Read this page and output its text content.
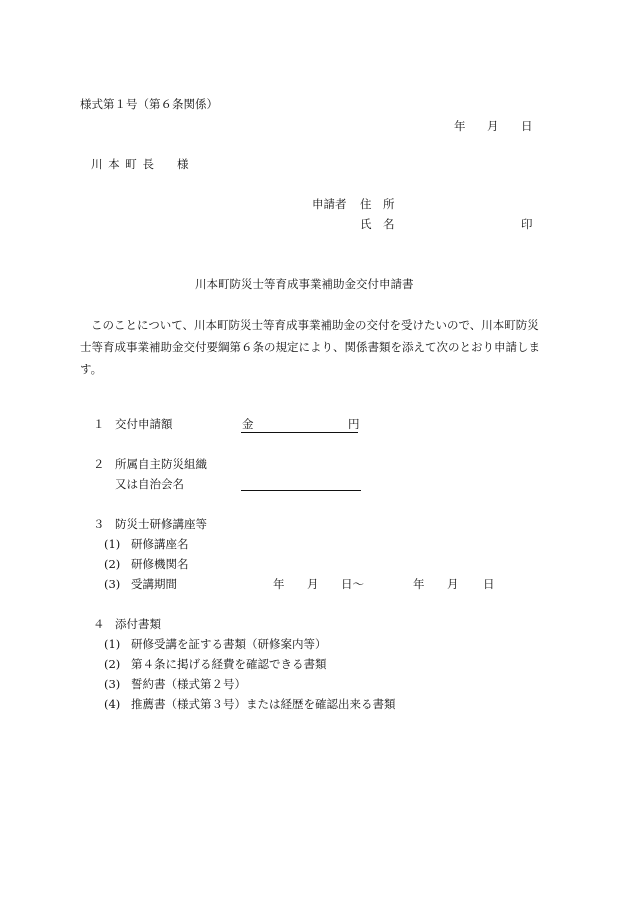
様式第１号（第６条関係）
年 月 日
川 本 町 長 様
申請者 住　所
氏　名	印
川本町防災士等育成事業補助金交付申請書
このことについて、川本町防災士等育成事業補助金の交付を受けたいので、川本町防災士等育成事業補助金交付要綱第６条の規定により、関係書類を添えて次のとおり申請します。
１ 交付申請額	金	円
２ 所属自主防災組織
又は自治会名
３ 防災士研修講座等
(1) 研修講座名
(2) 研修機関名
(3) 受講期間	年 月 日～	年 月 日
４ 添付書類
(1) 研修受講を証する書類（研修案内等）
(2) 第４条に掲げる経費を確認できる書類
(3) 誓約書（様式第２号）
(4) 推薦書（様式第３号）または経歴を確認出来る書類
